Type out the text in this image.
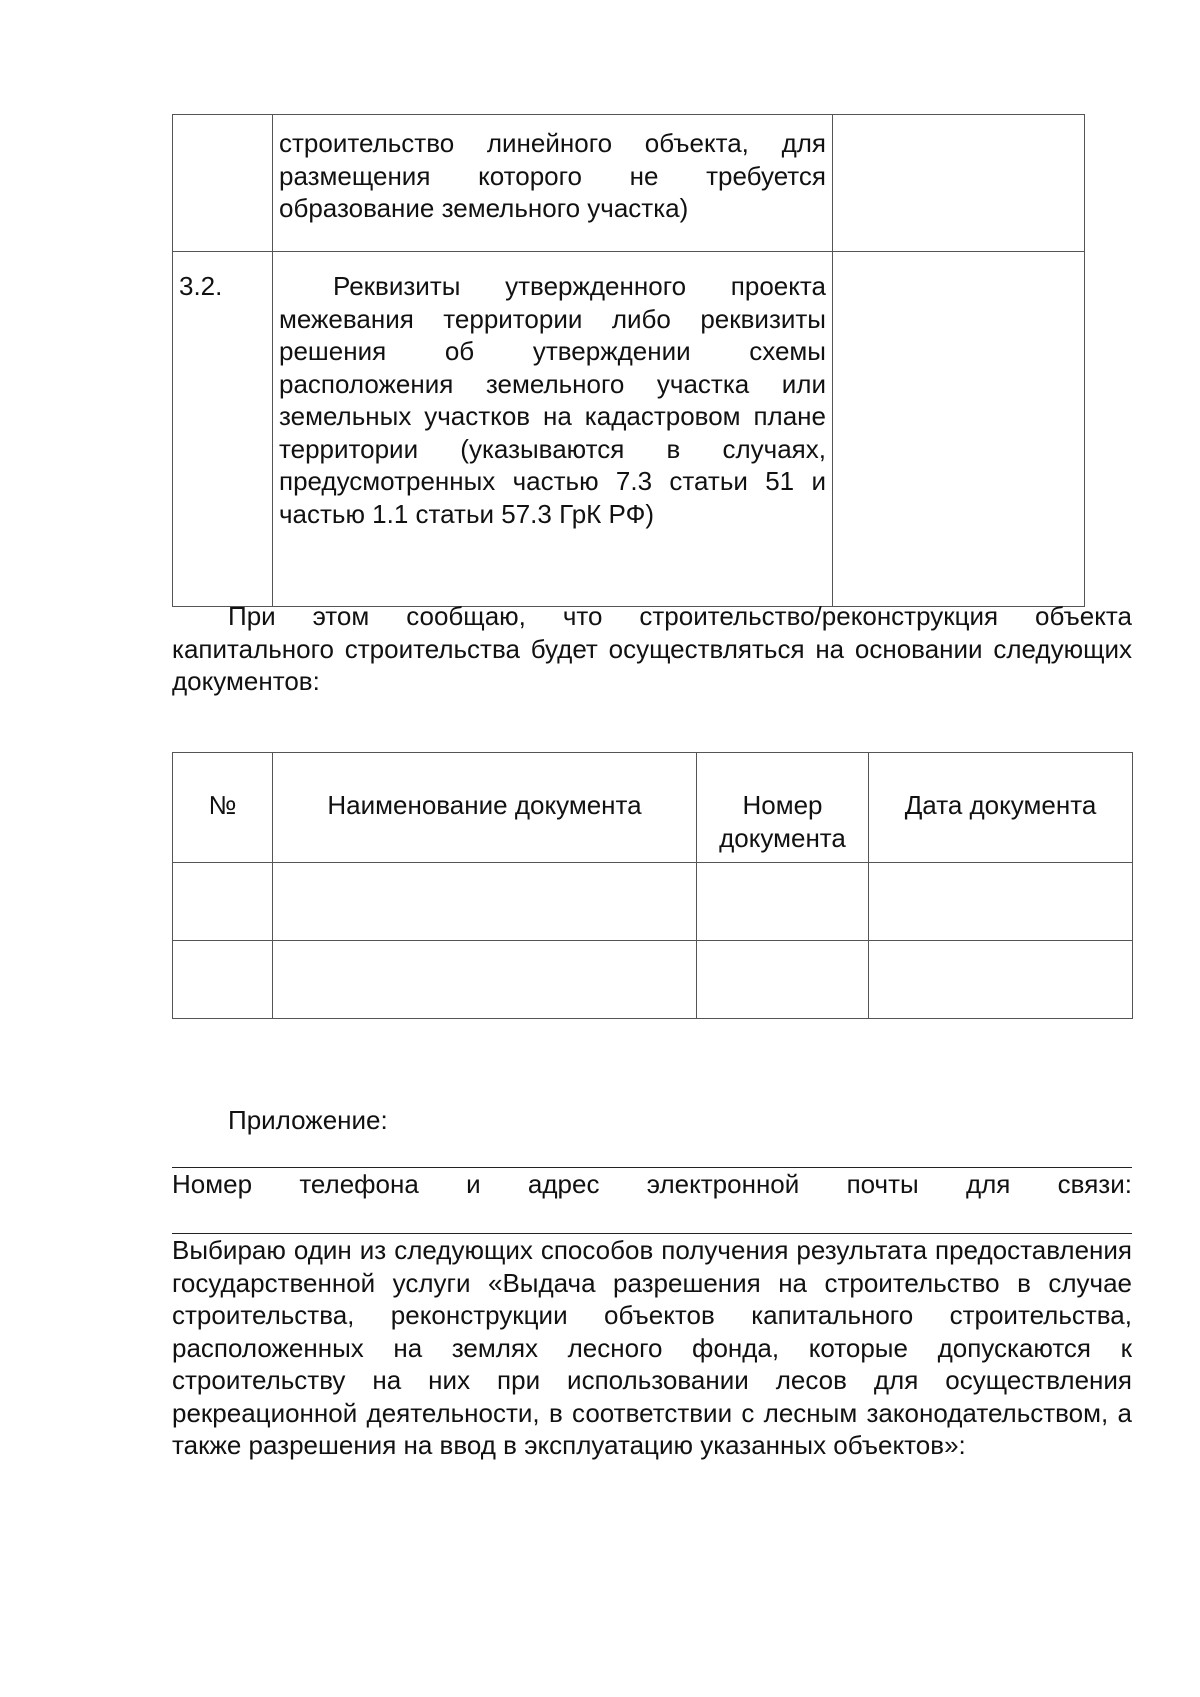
	строительство линейного объекта, для размещения которого не требуется образование земельного участка)	
3.2.	Реквизиты утвержденного проекта межевания территории либо реквизиты решения об утверждении схемы расположения земельного участка или земельных участков на кадастровом плане территории (указываются в случаях, предусмотренных частью 7.3 статьи 51 и частью 1.1 статьи 57.3 ГрК РФ)	

При этом сообщаю, что строительство/реконструкция объекта капитального строительства будет осуществляться на основании следующих документов:

№	Наименование документа	Номер документа	Дата документа

Приложение:

Номер телефона и адрес электронной почты для связи:

Выбираю один из следующих способов получения результата предоставления государственной услуги «Выдача разрешения на строительство в случае строительства, реконструкции объектов капитального строительства, расположенных на землях лесного фонда, которые допускаются к строительству на них при использовании лесов для осуществления рекреационной деятельности, в соответствии с лесным законодательством, а также разрешения на ввод в эксплуатацию указанных объектов»:
